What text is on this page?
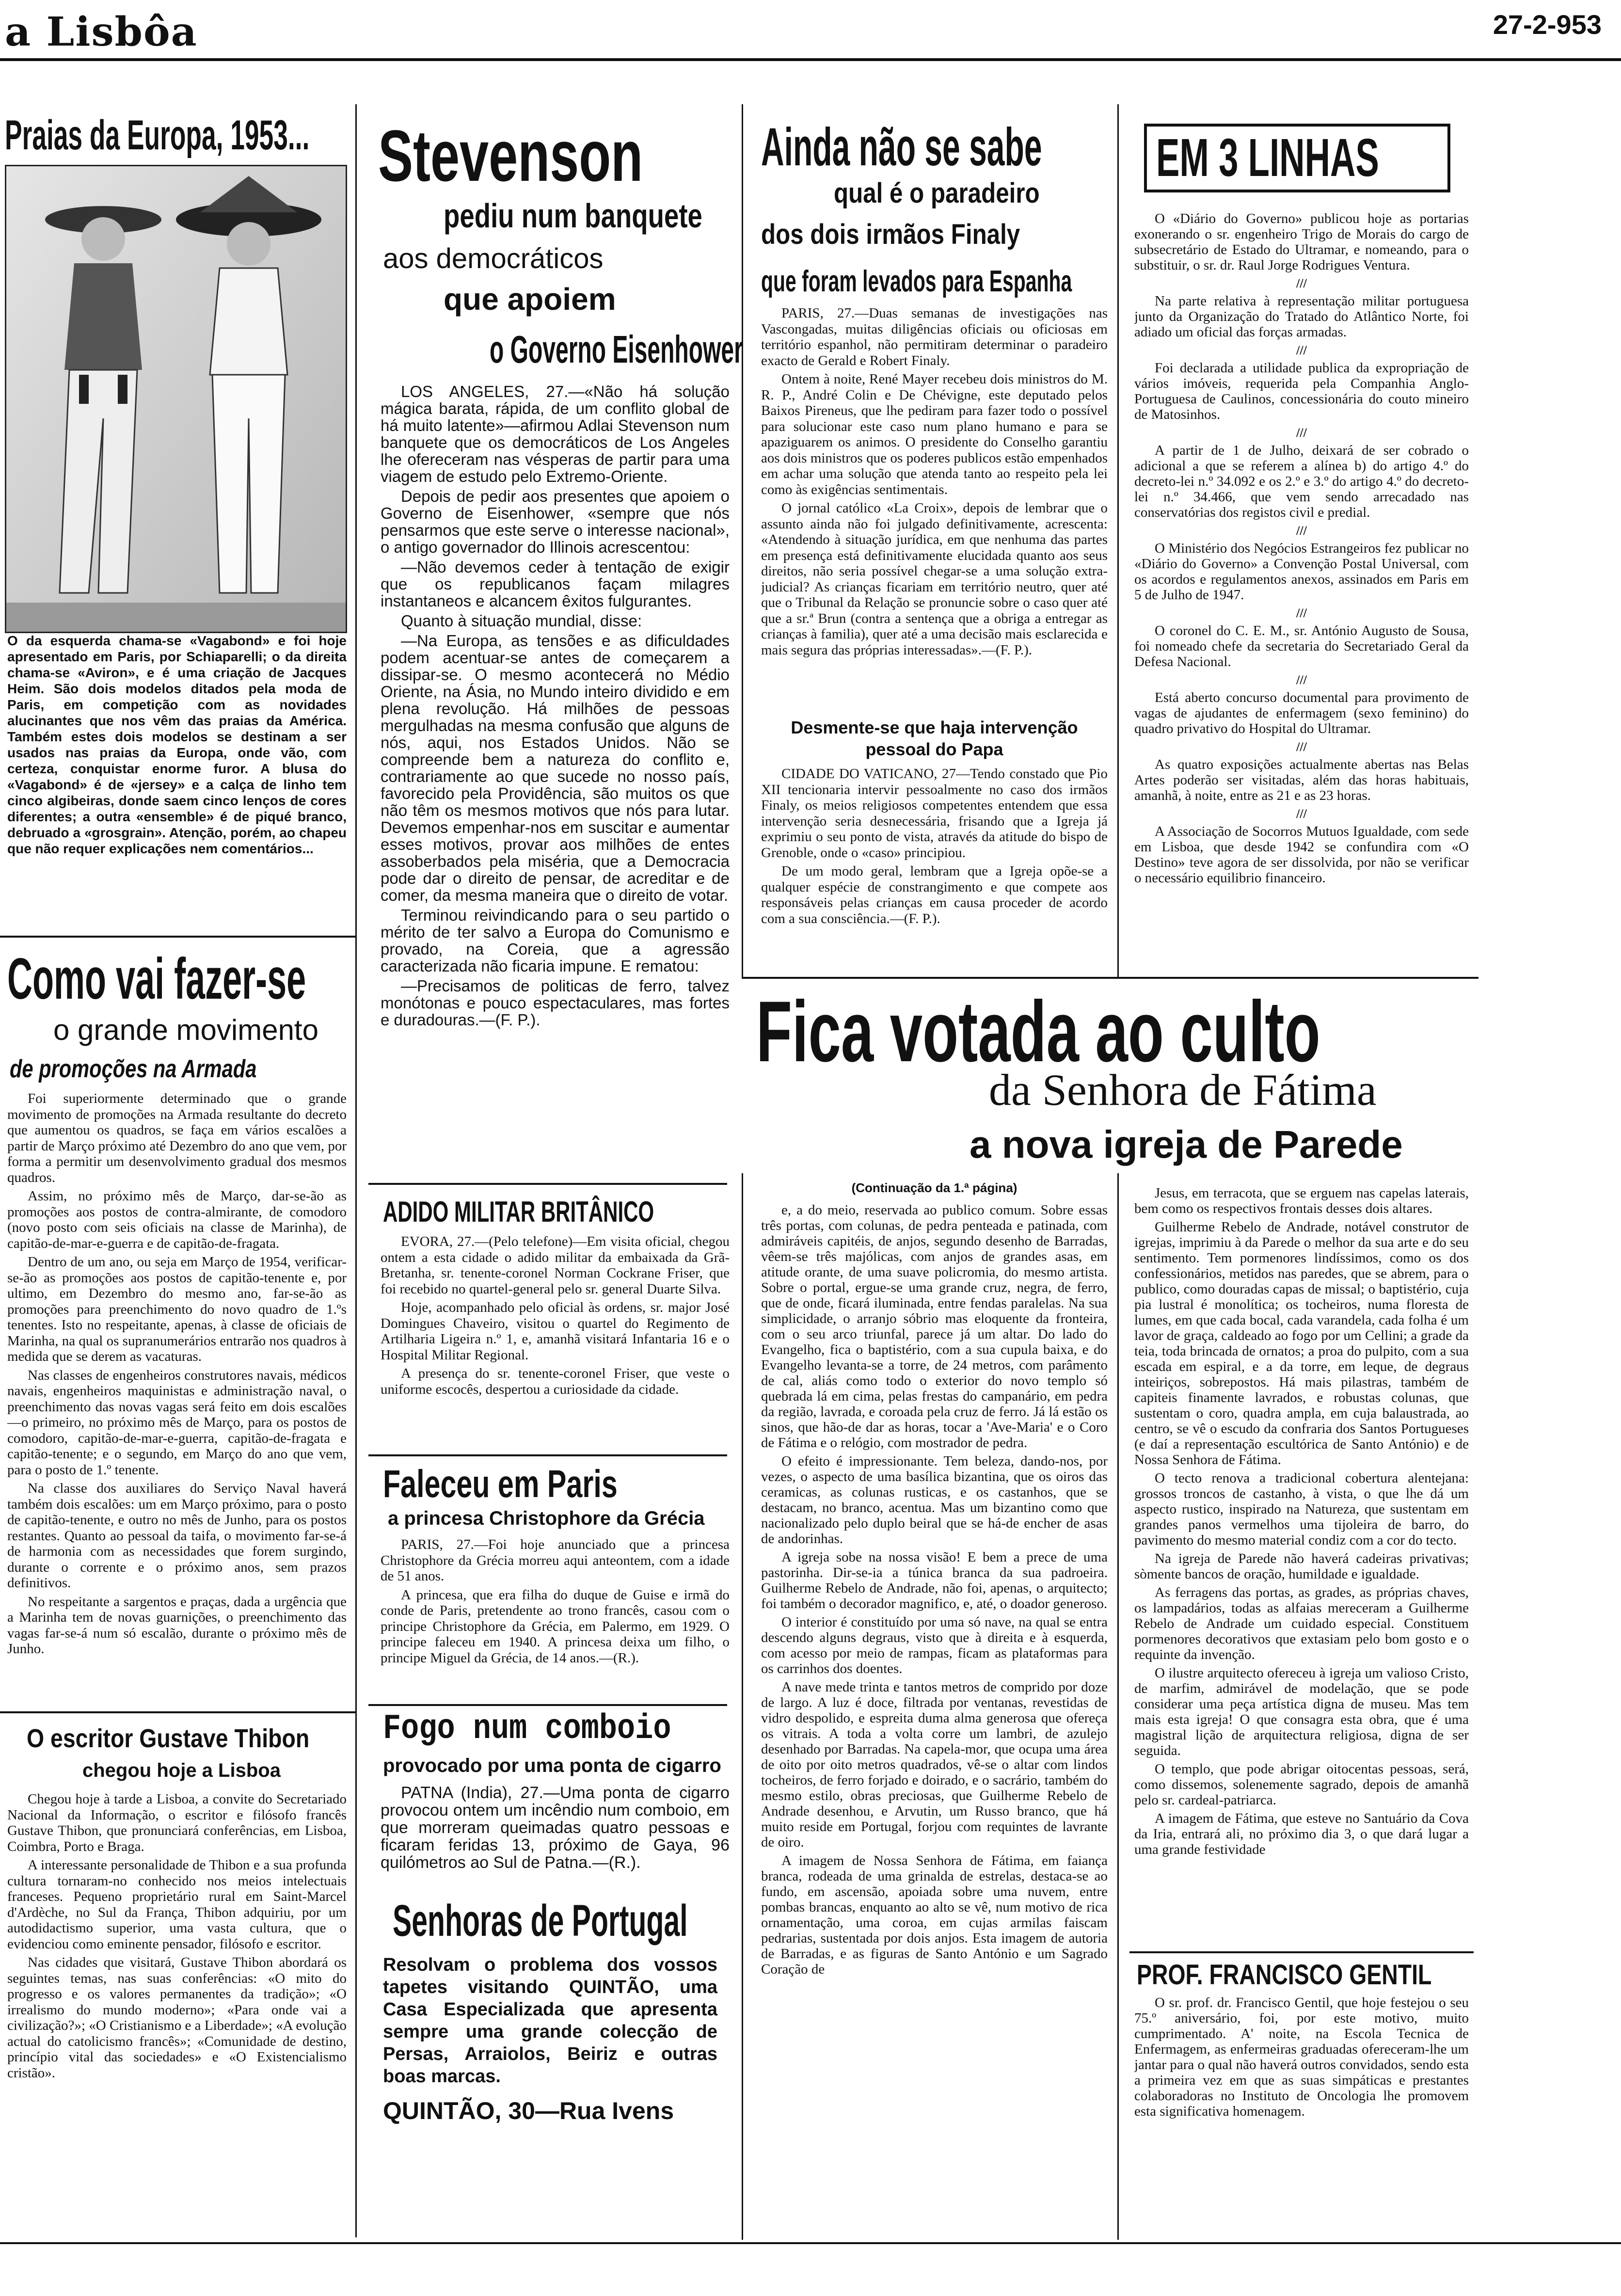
a Lisbôa	27-2-953
Praias da Europa, 1953...
O da esquerda chama-se «Vagabond» e foi hoje apresentado em Paris, por Schiaparelli; o da direita chama-se «Aviron», e é uma criação de Jacques Heim. São dois modelos ditados pela moda de Paris, em competição com as novidades alucinantes que nos vêm das praias da América. Também estes dois modelos se destinam a ser usados nas praias da Europa, onde vão, com certeza, conquistar enorme furor. A blusa do «Vagabond» é de «jersey» e a calça de linho tem cinco algibeiras, donde saem cinco lenços de cores diferentes; a outra «ensemble» é de piqué branco, debruado a «grosgrain». Atenção, porém, ao chapeu que não requer explicações nem comentários...
Stevenson
pediu num banquete
aos democráticos
que apoiem
o Governo Eisenhower

LOS ANGELES, 27.—«Não há solução mágica barata, rápida, de um conflito global de há muito latente»—afirmou Adlai Stevenson num banquete que os democráticos de Los Angeles lhe ofereceram nas vésperas de partir para uma viagem de estudo pelo Extremo-Oriente.

Depois de pedir aos presentes que apoiem o Governo de Eisenhower, «sempre que nós pensarmos que este serve o interesse nacional», o antigo governador do Illinois acrescentou:

—Não devemos ceder à tentação de exigir que os republicanos façam milagres instantaneos e alcancem êxitos fulgurantes.

Quanto à situação mundial, disse:

—Na Europa, as tensões e as dificuldades podem acentuar-se antes de começarem a dissipar-se. O mesmo acontecerá no Médio Oriente, na Ásia, no Mundo inteiro dividido e em plena revolução. Há milhões de pessoas mergulhadas na mesma confusão que alguns de nós, aqui, nos Estados Unidos. Não se compreende bem a natureza do conflito e, contrariamente ao que sucede no nosso país, favorecido pela Providência, são muitos os que não têm os mesmos motivos que nós para lutar. Devemos empenhar-nos em suscitar e aumentar esses motivos, provar aos milhões de entes assoberbados pela miséria, que a Democracia pode dar o direito de pensar, de acreditar e de comer, da mesma maneira que o direito de votar.

Terminou reivindicando para o seu partido o mérito de ter salvo a Europa do Comunismo e provado, na Coreia, que a agressão caracterizada não ficaria impune. E rematou:

—Precisamos de politicas de ferro, talvez monótonas e pouco espectaculares, mas fortes e duradouras.—(F. P.).

Ainda não se sabe
qual é o paradeiro
dos dois irmãos Finaly
que foram levados para Espanha

PARIS, 27.—Duas semanas de investigações nas Vascongadas, muitas diligências oficiais ou oficiosas em território espanhol, não permitiram determinar o paradeiro exacto de Gerald e Robert Finaly.

Ontem à noite, René Mayer recebeu dois ministros do M. R. P., André Colin e De Chévigne, este deputado pelos Baixos Pireneus, que lhe pediram para fazer todo o possível para solucionar este caso num plano humano e para se apaziguarem os animos. O presidente do Conselho garantiu aos dois ministros que os poderes publicos estão empenhados em achar uma solução que atenda tanto ao respeito pela lei como às exigências sentimentais.

O jornal católico «La Croix», depois de lembrar que o assunto ainda não foi julgado definitivamente, acrescenta: «Atendendo à situação jurídica, em que nenhuma das partes em presença está definitivamente elucidada quanto aos seus direitos, não seria possível chegar-se a uma solução extra-judicial? As crianças ficariam em território neutro, quer até que o Tribunal da Relação se pronuncie sobre o caso quer até que a sr.ª Brun (contra a sentença que a obriga a entregar as crianças à familia), quer até a uma decisão mais esclarecida e mais segura das próprias interessadas».—(F. P.).

Desmente-se que haja intervenção
pessoal do Papa

CIDADE DO VATICANO, 27—Tendo constado que Pio XII tencionaria intervir pessoalmente no caso dos irmãos Finaly, os meios religiosos competentes entendem que essa intervenção seria desnecessária, frisando que a Igreja já exprimiu o seu ponto de vista, através da atitude do bispo de Grenoble, onde o «caso» principiou.

De um modo geral, lembram que a Igreja opõe-se a qualquer espécie de constrangimento e que compete aos responsáveis pelas crianças em causa proceder de acordo com a sua consciência.—(F. P.).

EM 3 LINHAS

O «Diário do Governo» publicou hoje as portarias exonerando o sr. engenheiro Trigo de Morais do cargo de subsecretário de Estado do Ultramar, e nomeando, para o substituir, o sr. dr. Raul Jorge Rodrigues Ventura.

///

Na parte relativa à representação militar portuguesa junto da Organização do Tratado do Atlântico Norte, foi adiado um oficial das forças armadas.

///

Foi declarada a utilidade publica da expropriação de vários imóveis, requerida pela Companhia Anglo-Portuguesa de Caulinos, concessionária do couto mineiro de Matosinhos.

///

A partir de 1 de Julho, deixará de ser cobrado o adicional a que se referem a alínea b) do artigo 4.º do decreto-lei n.º 34.092 e os 2.º e 3.º do artigo 4.º do decreto-lei n.º 34.466, que vem sendo arrecadado nas conservatórias dos registos civil e predial.

///

O Ministério dos Negócios Estrangeiros fez publicar no «Diário do Governo» a Convenção Postal Universal, com os acordos e regulamentos anexos, assinados em Paris em 5 de Julho de 1947.

///

O coronel do C. E. M., sr. António Augusto de Sousa, foi nomeado chefe da secretaria do Secretariado Geral da Defesa Nacional.

///

Está aberto concurso documental para provimento de vagas de ajudantes de enfermagem (sexo feminino) do quadro privativo do Hospital do Ultramar.

///

As quatro exposições actualmente abertas nas Belas Artes poderão ser visitadas, além das horas habituais, amanhã, à noite, entre as 21 e as 23 horas.

///

A Associação de Socorros Mutuos Igualdade, com sede em Lisboa, que desde 1942 se confundira com «O Destino» teve agora de ser dissolvida, por não se verificar o necessário equilibrio financeiro.

Como vai fazer-se
o grande movimento
de promoções na Armada

Foi superiormente determinado que o grande movimento de promoções na Armada resultante do decreto que aumentou os quadros, se faça em vários escalões a partir de Março próximo até Dezembro do ano que vem, por forma a permitir um desenvolvimento gradual dos mesmos quadros.

Assim, no próximo mês de Março, dar-se-ão as promoções aos postos de contra-almirante, de comodoro (novo posto com seis oficiais na classe de Marinha), de capitão-de-mar-e-guerra e de capitão-de-fragata.

Dentro de um ano, ou seja em Março de 1954, verificar-se-ão as promoções aos postos de capitão-tenente e, por ultimo, em Dezembro do mesmo ano, far-se-ão as promoções para preenchimento do novo quadro de 1.ºs tenentes. Isto no respeitante, apenas, à classe de oficiais de Marinha, na qual os supranumerários entrarão nos quadros à medida que se derem as vacaturas.

Nas classes de engenheiros construtores navais, médicos navais, engenheiros maquinistas e administração naval, o preenchimento das novas vagas será feito em dois escalões—o primeiro, no próximo mês de Março, para os postos de comodoro, capitão-de-mar-e-guerra, capitão-de-fragata e capitão-tenente; e o segundo, em Março do ano que vem, para o posto de 1.º tenente.

Na classe dos auxiliares do Serviço Naval haverá também dois escalões: um em Março próximo, para o posto de capitão-tenente, e outro no mês de Junho, para os postos restantes. Quanto ao pessoal da taifa, o movimento far-se-á de harmonia com as necessidades que forem surgindo, durante o corrente e o próximo anos, sem prazos definitivos.

No respeitante a sargentos e praças, dada a urgência que a Marinha tem de novas guarnições, o preenchimento das vagas far-se-á num só escalão, durante o próximo mês de Junho.

O escritor Gustave Thibon
chegou hoje a Lisboa

Chegou hoje à tarde a Lisboa, a convite do Secretariado Nacional da Informação, o escritor e filósofo francês Gustave Thibon, que pronunciará conferências, em Lisboa, Coimbra, Porto e Braga.

A interessante personalidade de Thibon e a sua profunda cultura tornaram-no conhecido nos meios intelectuais franceses. Pequeno proprietário rural em Saint-Marcel d'Ardèche, no Sul da França, Thibon adquiriu, por um autodidactismo superior, uma vasta cultura, que o evidenciou como eminente pensador, filósofo e escritor.

Nas cidades que visitará, Gustave Thibon abordará os seguintes temas, nas suas conferências: «O mito do progresso e os valores permanentes da tradição»; «O irrealismo do mundo moderno»; «Para onde vai a civilização?»; «O Cristianismo e a Liberdade»; «A evolução actual do catolicismo francês»; «Comunidade de destino, princípio vital das sociedades» e «O Existencialismo cristão».

ADIDO MILITAR BRITÂNICO

EVORA, 27.—(Pelo telefone)—Em visita oficial, chegou ontem a esta cidade o adido militar da embaixada da Grã-Bretanha, sr. tenente-coronel Norman Cockrane Friser, que foi recebido no quartel-general pelo sr. general Duarte Silva.

Hoje, acompanhado pelo oficial às ordens, sr. major José Domingues Chaveiro, visitou o quartel do Regimento de Artilharia Ligeira n.º 1, e, amanhã visitará Infantaria 16 e o Hospital Militar Regional.

A presença do sr. tenente-coronel Friser, que veste o uniforme escocês, despertou a curiosidade da cidade.

Faleceu em Paris
a princesa Christophore da Grécia

PARIS, 27.—Foi hoje anunciado que a princesa Christophore da Grécia morreu aqui anteontem, com a idade de 51 anos.

A princesa, que era filha do duque de Guise e irmã do conde de Paris, pretendente ao trono francês, casou com o principe Christophore da Grécia, em Palermo, em 1929. O principe faleceu em 1940. A princesa deixa um filho, o principe Miguel da Grécia, de 14 anos.—(R.).

Fogo num comboio
provocado por uma ponta de cigarro

PATNA (India), 27.—Uma ponta de cigarro provocou ontem um incêndio num comboio, em que morreram queimadas quatro pessoas e ficaram feridas 13, próximo de Gaya, 96 quilómetros ao Sul de Patna.—(R.).

Senhoras de Portugal
Resolvam o problema dos vossos tapetes visitando QUINTÃO, uma Casa Especializada que apresenta sempre uma grande colecção de Persas, Arraiolos, Beiriz e outras boas marcas.
QUINTÃO, 30—Rua Ivens
Fica votada ao culto
da Senhora de Fátima
a nova igreja de Parede
(Continuação da 1.ª página)

e, a do meio, reservada ao publico comum. Sobre essas três portas, com colunas, de pedra penteada e patinada, com admiráveis capitéis, de anjos, segundo desenho de Barradas, vêem-se três majólicas, com anjos de grandes asas, em atitude orante, de uma suave policromia, do mesmo artista. Sobre o portal, ergue-se uma grande cruz, negra, de ferro, que de onde, ficará iluminada, entre fendas paralelas. Na sua simplicidade, o arranjo sóbrio mas eloquente da fronteira, com o seu arco triunfal, parece já um altar. Do lado do Evangelho, fica o baptistério, com a sua cupula baixa, e do Evangelho levanta-se a torre, de 24 metros, com parâmento de cal, aliás como todo o exterior do novo templo só quebrada lá em cima, pelas frestas do campanário, em pedra da região, lavrada, e coroada pela cruz de ferro. Já lá estão os sinos, que hão-de dar as horas, tocar a 'Ave-Maria' e o Coro de Fátima e o relógio, com mostrador de pedra.

O efeito é impressionante. Tem beleza, dando-nos, por vezes, o aspecto de uma basílica bizantina, que os oiros das ceramicas, as colunas rusticas, e os castanhos, que se destacam, no branco, acentua. Mas um bizantino como que nacionalizado pelo duplo beiral que se há-de encher de asas de andorinhas.

A igreja sobe na nossa visão! E bem a prece de uma pastorinha. Dir-se-ia a túnica branca da sua padroeira. Guilherme Rebelo de Andrade, não foi, apenas, o arquitecto; foi também o decorador magnifico, e, até, o doador generoso.

O interior é constituído por uma só nave, na qual se entra descendo alguns degraus, visto que à direita e à esquerda, com acesso por meio de rampas, ficam as plataformas para os carrinhos dos doentes.

A nave mede trinta e tantos metros de comprido por doze de largo. A luz é doce, filtrada por ventanas, revestidas de vidro despolido, e espreita duma alma generosa que ofereça os vitrais. A toda a volta corre um lambri, de azulejo desenhado por Barradas. Na capela-mor, que ocupa uma área de oito por oito metros quadrados, vê-se o altar com lindos tocheiros, de ferro forjado e doirado, e o sacrário, também do mesmo estilo, obras preciosas, que Guilherme Rebelo de Andrade desenhou, e Arvutin, um Russo branco, que há muito reside em Portugal, forjou com requintes de lavrante de oiro.

A imagem de Nossa Senhora de Fátima, em faiança branca, rodeada de uma grinalda de estrelas, destaca-se ao fundo, em ascensão, apoiada sobre uma nuvem, entre pombas brancas, enquanto ao alto se vê, num motivo de rica ornamentação, uma coroa, em cujas armilas faiscam pedrarias, sustentada por dois anjos. Esta imagem de autoria de Barradas, e as figuras de Santo António e um Sagrado Coração de

Jesus, em terracota, que se erguem nas capelas laterais, bem como os respectivos frontais desses dois altares.

Guilherme Rebelo de Andrade, notável construtor de igrejas, imprimiu à da Parede o melhor da sua arte e do seu sentimento. Tem pormenores lindíssimos, como os dos confessionários, metidos nas paredes, que se abrem, para o publico, como douradas capas de missal; o baptistério, cuja pia lustral é monolítica; os tocheiros, numa floresta de lumes, em que cada bocal, cada varandela, cada folha é um lavor de graça, caldeado ao fogo por um Cellini; a grade da teia, toda brincada de ornatos; a proa do pulpito, com a sua escada em espiral, e a da torre, em leque, de degraus inteiriços, sobrepostos. Há mais pilastras, também de capiteis finamente lavrados, e robustas colunas, que sustentam o coro, quadra ampla, em cuja balaustrada, ao centro, se vê o escudo da confraria dos Santos Portugueses (e daí a representação escultórica de Santo António) e de Nossa Senhora de Fátima.

O tecto renova a tradicional cobertura alentejana: grossos troncos de castanho, à vista, o que lhe dá um aspecto rustico, inspirado na Natureza, que sustentam em grandes panos vermelhos uma tijoleira de barro, do pavimento do mesmo material condiz com a cor do tecto.

Na igreja de Parede não haverá cadeiras privativas; sòmente bancos de oração, humildade e igualdade.

As ferragens das portas, as grades, as próprias chaves, os lampadários, todas as alfaias mereceram a Guilherme Rebelo de Andrade um cuidado especial. Constituem pormenores decorativos que extasiam pelo bom gosto e o requinte da invenção.

O ilustre arquitecto ofereceu à igreja um valioso Cristo, de marfim, admirável de modelação, que se pode considerar uma peça artística digna de museu. Mas tem mais esta igreja! O que consagra esta obra, que é uma magistral lição de arquitectura religiosa, digna de ser seguida.

O templo, que pode abrigar oitocentas pessoas, será, como dissemos, solenemente sagrado, depois de amanhã pelo sr. cardeal-patriarca.

A imagem de Fátima, que esteve no Santuário da Cova da Iria, entrará ali, no próximo dia 3, o que dará lugar a uma grande festividade

PROF. FRANCISCO GENTIL

O sr. prof. dr. Francisco Gentil, que hoje festejou o seu 75.º aniversário, foi, por este motivo, muito cumprimentado. A' noite, na Escola Tecnica de Enfermagem, as enfermeiras graduadas ofereceram-lhe um jantar para o qual não haverá outros convidados, sendo esta a primeira vez em que as suas simpáticas e prestantes colaboradoras no Instituto de Oncologia lhe promovem esta significativa homenagem.
